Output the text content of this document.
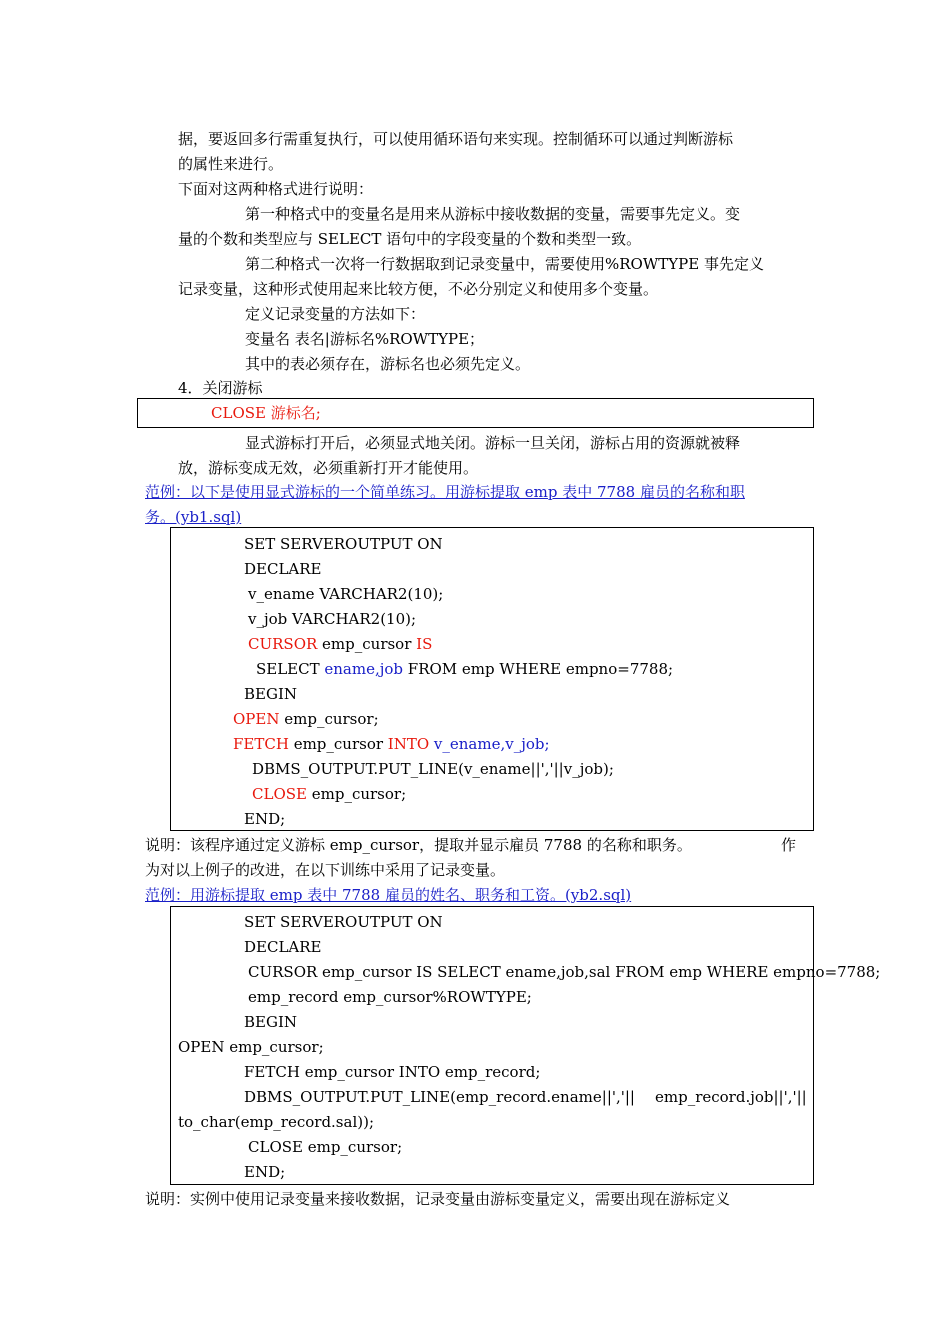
据，要返回多行需重复执行，可以使用循环语句来实现。控制循环可以通过判断游标
的属性来进行。
下面对这两种格式进行说明：
第一种格式中的变量名是用来从游标中接收数据的变量，需要事先定义。变
量的个数和类型应与 SELECT 语句中的字段变量的个数和类型一致。
第二种格式一次将一行数据取到记录变量中，需要使用%ROWTYPE 事先定义
记录变量，这种形式使用起来比较方便，不必分别定义和使用多个变量。
定义记录变量的方法如下：
变量名 表名|游标名%ROWTYPE；
其中的表必须存在，游标名也必须先定义。
4．关闭游标
CLOSE 游标名;
显式游标打开后，必须显式地关闭。游标一旦关闭，游标占用的资源就被释
放，游标变成无效，必须重新打开才能使用。
范例：以下是使用显式游标的一个简单练习。用游标提取 emp 表中 7788 雇员的名称和职
务。(yb1.sql)
SET SERVEROUTPUT ON
DECLARE
v_ename VARCHAR2(10);
v_job VARCHAR2(10);
CURSOR emp_cursor IS
SELECT ename,job FROM emp WHERE empno=7788;
BEGIN
OPEN emp_cursor;
FETCH emp_cursor INTO v_ename,v_job;
DBMS_OUTPUT.PUT_LINE(v_ename||','||v_job);
CLOSE emp_cursor;
END;
说明：该程序通过定义游标 emp_cursor，提取并显示雇员 7788 的名称和职务。	作
为对以上例子的改进，在以下训练中采用了记录变量。
范例：用游标提取 emp 表中 7788 雇员的姓名、职务和工资。(yb2.sql)
SET SERVEROUTPUT ON
DECLARE
CURSOR emp_cursor IS SELECT ename,job,sal FROM emp WHERE empno=7788;
emp_record emp_cursor%ROWTYPE;
BEGIN
OPEN emp_cursor;
FETCH emp_cursor INTO emp_record;
DBMS_OUTPUT.PUT_LINE(emp_record.ename||','|| emp_record.job||','||
to_char(emp_record.sal));
CLOSE emp_cursor;
END;
说明：实例中使用记录变量来接收数据，记录变量由游标变量定义，需要出现在游标定义
